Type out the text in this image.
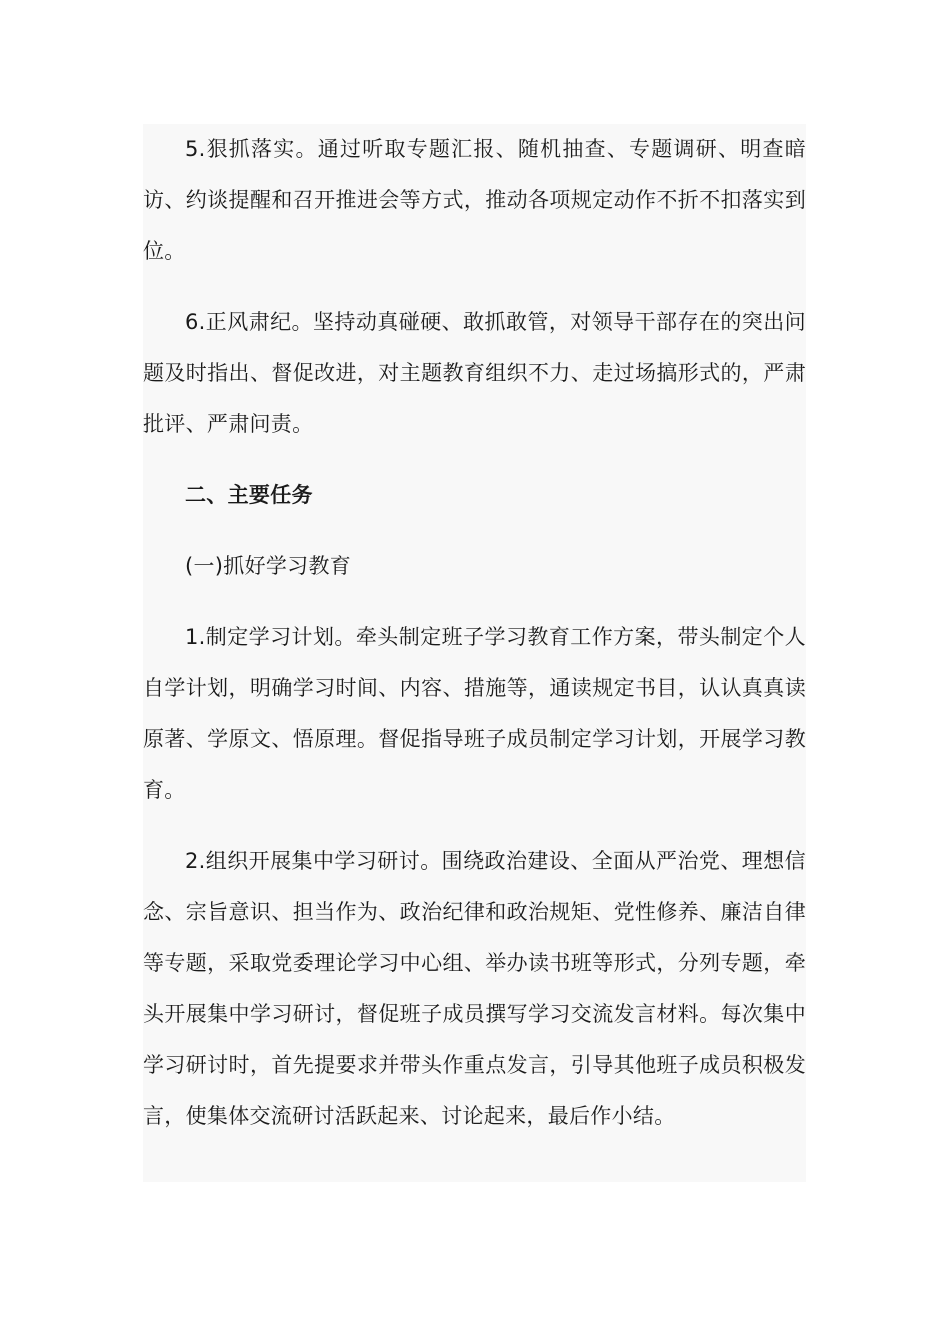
5.狠抓落实。通过听取专题汇报、随机抽查、专题调研、明查暗访、约谈提醒和召开推进会等方式，推动各项规定动作不折不扣落实到位。

6.正风肃纪。坚持动真碰硬、敢抓敢管，对领导干部存在的突出问题及时指出、督促改进，对主题教育组织不力、走过场搞形式的，严肃批评、严肃问责。

二、主要任务

(一)抓好学习教育

1.制定学习计划。牵头制定班子学习教育工作方案，带头制定个人自学计划，明确学习时间、内容、措施等，通读规定书目，认认真真读原著、学原文、悟原理。督促指导班子成员制定学习计划，开展学习教育。

2.组织开展集中学习研讨。围绕政治建设、全面从严治党、理想信念、宗旨意识、担当作为、政治纪律和政治规矩、党性修养、廉洁自律等专题，采取党委理论学习中心组、举办读书班等形式，分列专题，牵头开展集中学习研讨，督促班子成员撰写学习交流发言材料。每次集中学习研讨时，首先提要求并带头作重点发言，引导其他班子成员积极发言，使集体交流研讨活跃起来、讨论起来，最后作小结。
